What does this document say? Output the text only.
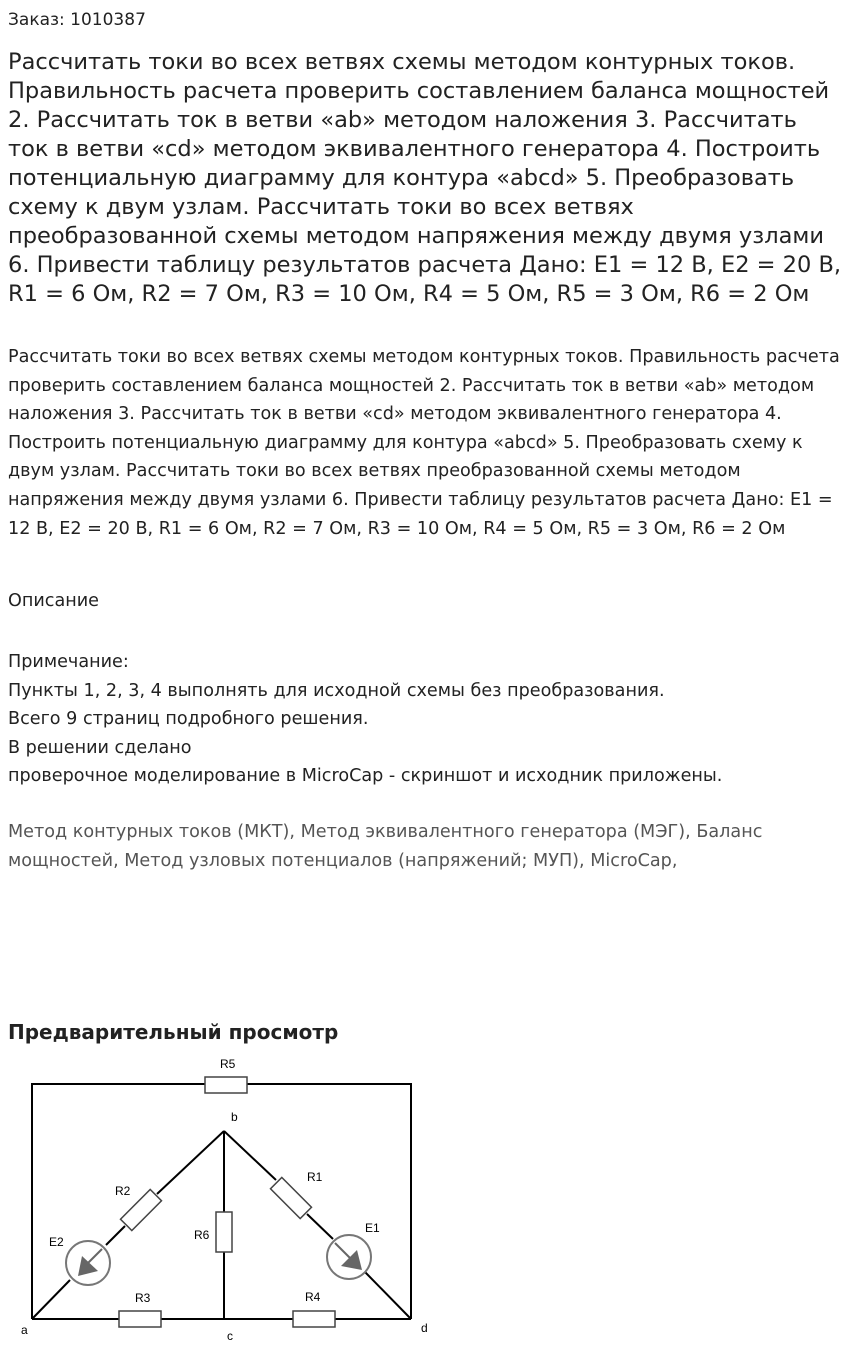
Заказ: 1010387
Рассчитать токи во всех ветвях схемы методом контурных токов. Правильность расчета проверить составлением баланса мощностей 2. Рассчитать ток в ветви «ab» методом наложения 3. Рассчитать ток в ветви «cd» методом эквивалентного генератора 4. Построить потенциальную диаграмму для контура «abcd» 5. Преобразовать схему к двум узлам. Рассчитать токи во всех ветвях преобразованной схемы методом напряжения между двумя узлами 6. Привести таблицу результатов расчета Дано: E1 = 12 В, E2 = 20 В, R1 = 6 Ом, R2 = 7 Ом, R3 = 10 Ом, R4 = 5 Ом, R5 = 3 Ом, R6 = 2 Ом
Рассчитать токи во всех ветвях схемы методом контурных токов. Правильность расчета проверить составлением баланса мощностей 2. Рассчитать ток в ветви «ab» методом наложения 3. Рассчитать ток в ветви «cd» методом эквивалентного генератора 4. Построить потенциальную диаграмму для контура «abcd» 5. Преобразовать схему к двум узлам. Рассчитать токи во всех ветвях преобразованной схемы методом напряжения между двумя узлами 6. Привести таблицу результатов расчета Дано: E1 = 12 В, E2 = 20 В, R1 = 6 Ом, R2 = 7 Ом, R3 = 10 Ом, R4 = 5 Ом, R5 = 3 Ом, R6 = 2 Ом
Описание
Примечание:
Пункты 1, 2, 3, 4 выполнять для исходной схемы без преобразования.
Всего 9 страниц подробного решения.
В решении сделано
проверочное моделирование в MicroCap - скриншот и исходник приложены.
Метод контурных токов (МКТ), Метод эквивалентного генератора (МЭГ), Баланс мощностей, Метод узловых потенциалов (напряжений; МУП), MicroCap,
Предварительный просмотр
R5
b
R2
R1
R6
E2
E1
R3	R4
a	c
d
